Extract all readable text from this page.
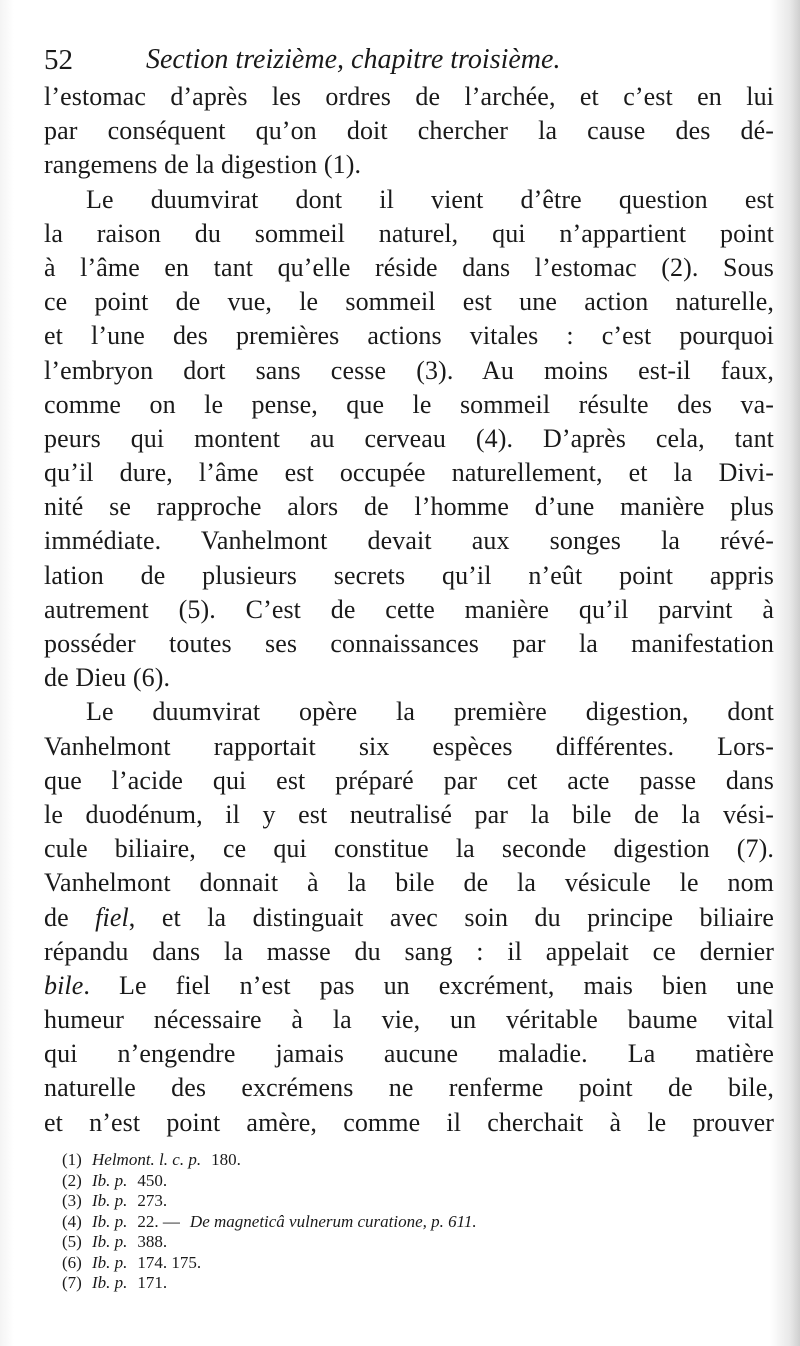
52	Section treizième, chapitre troisième.
l’estomac d’après les ordres de l’archée, et c’est en lui
par conséquent qu’on doit chercher la cause des dé-
rangemens de la digestion (1).
Le duumvirat dont il vient d’être question est
la raison du sommeil naturel, qui n’appartient point
à l’âme en tant qu’elle réside dans l’estomac (2). Sous
ce point de vue, le sommeil est une action naturelle,
et l’une des premières actions vitales : c’est pourquoi
l’embryon dort sans cesse (3). Au moins est-il faux,
comme on le pense, que le sommeil résulte des va-
peurs qui montent au cerveau (4). D’après cela, tant
qu’il dure, l’âme est occupée naturellement, et la Divi-
nité se rapproche alors de l’homme d’une manière plus
immédiate. Vanhelmont devait aux songes la révé-
lation de plusieurs secrets qu’il n’eût point appris
autrement (5). C’est de cette manière qu’il parvint à
posséder toutes ses connaissances par la manifestation
de Dieu (6).
Le duumvirat opère la première digestion, dont
Vanhelmont rapportait six espèces différentes. Lors-
que l’acide qui est préparé par cet acte passe dans
le duodénum, il y est neutralisé par la bile de la vési-
cule biliaire, ce qui constitue la seconde digestion (7).
Vanhelmont donnait à la bile de la vésicule le nom
de fiel, et la distinguait avec soin du principe biliaire
répandu dans la masse du sang : il appelait ce dernier
bile. Le fiel n’est pas un excrément, mais bien une
humeur nécessaire à la vie, un véritable baume vital
qui n’engendre jamais aucune maladie. La matière
naturelle des excrémens ne renferme point de bile,
et n’est point amère, comme il cherchait à le prouver
(1) Helmont. l. c. p. 180.
(2) Ib. p. 450.
(3) Ib. p. 273.
(4) Ib. p. 22. — De magneticâ vulnerum curatione, p. 611.
(5) Ib. p. 388.
(6) Ib. p. 174. 175.
(7) Ib. p. 171.
